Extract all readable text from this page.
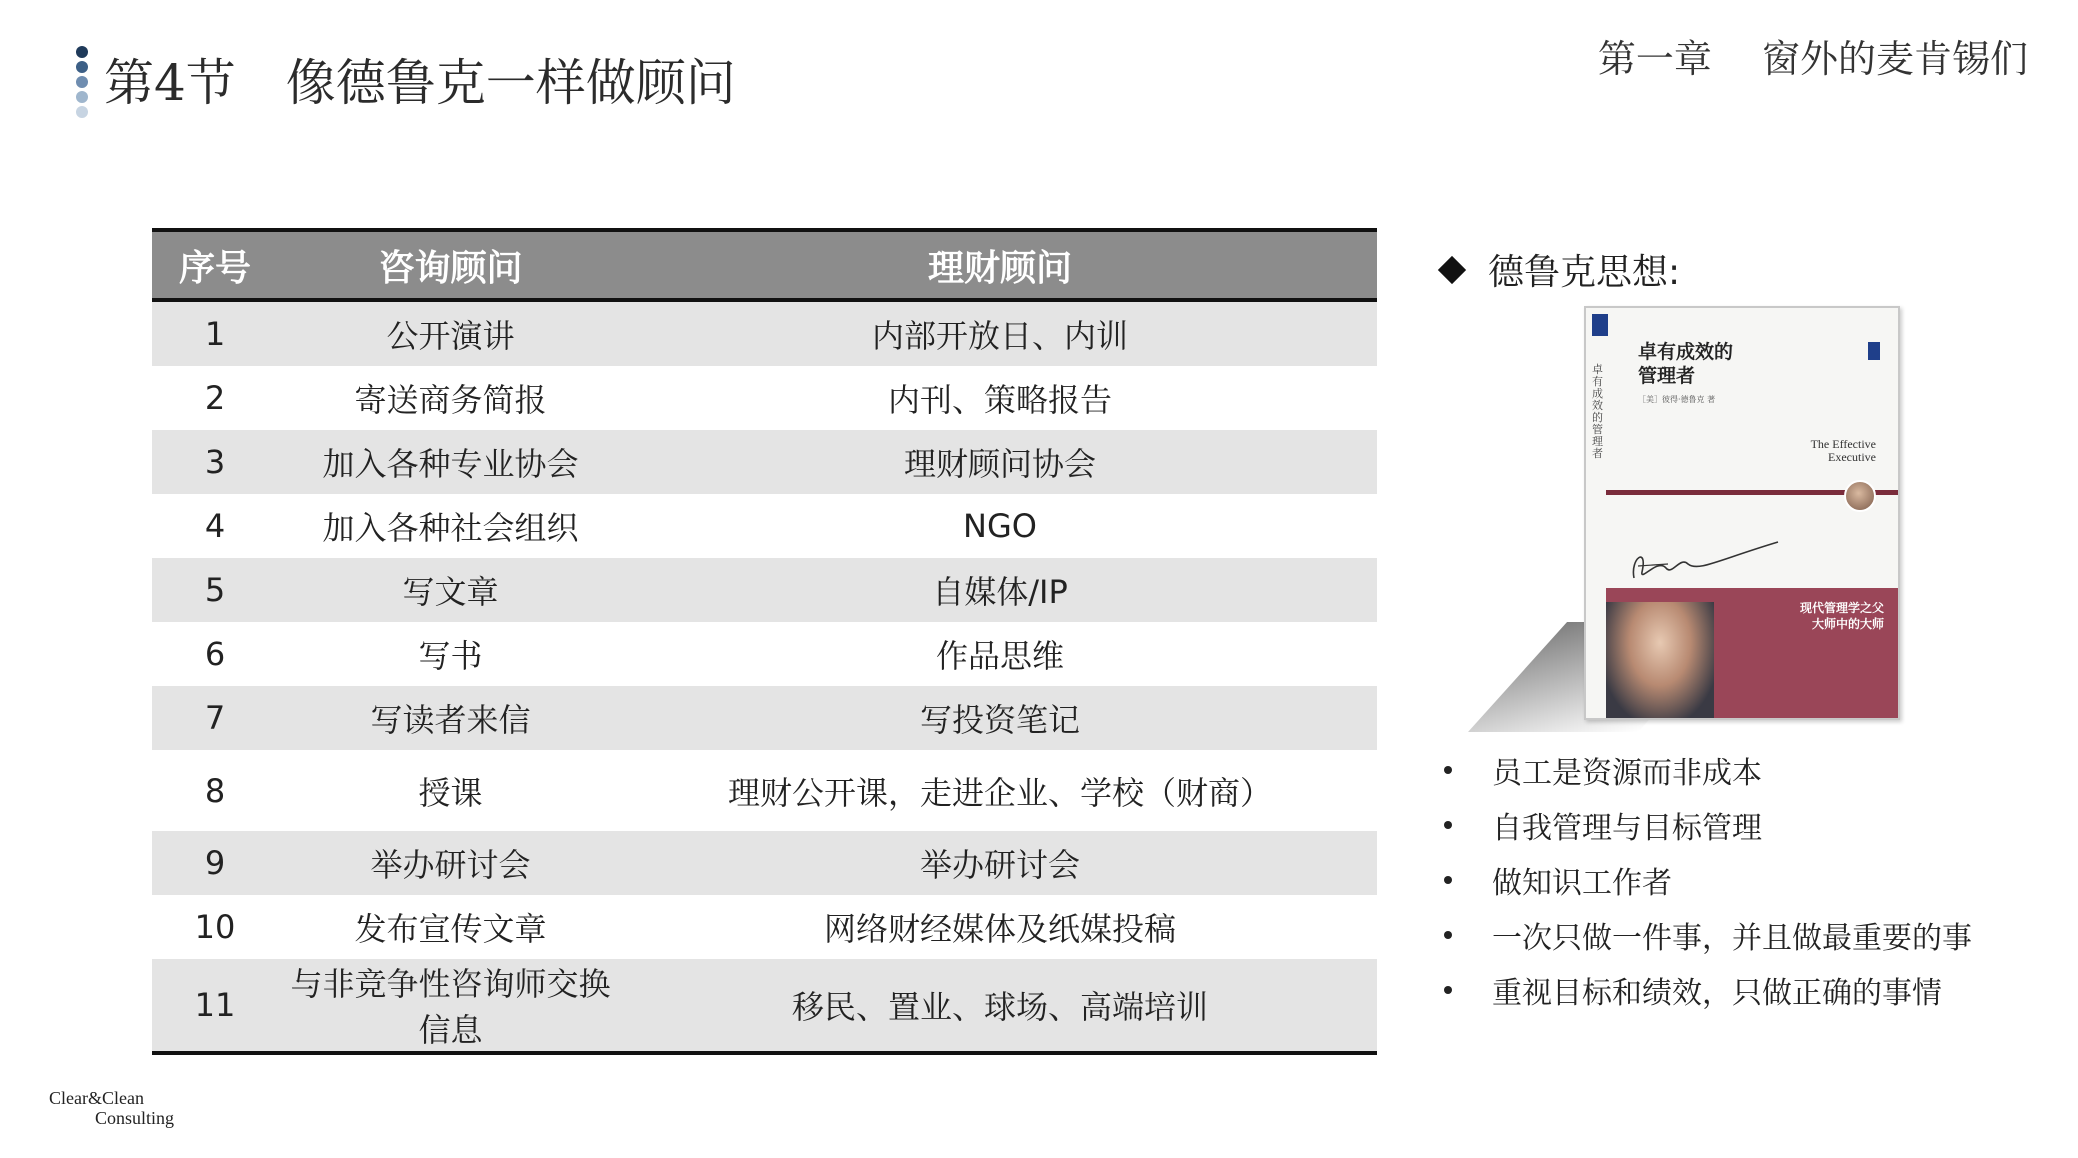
第4节　像德鲁克一样做顾问	第一章　 窗外的麦肯锡们
序号	咨询顾问	理财顾问
1	公开演讲	内部开放日、内训
2	寄送商务简报	内刊、策略报告
3	加入各种专业协会	理财顾问协会
4	加入各种社会组织	NGO
5	写文章	自媒体/IP
6	写书	作品思维
7	写读者来信	写投资笔记
8	授课	理财公开课，走进企业、学校（财商）
9	举办研讨会	举办研讨会
10	发布宣传文章	网络财经媒体及纸媒投稿
11	与非竞争性咨询师交换信息	移民、置业、球场、高端培训
德鲁克思想:
卓有成效的管理者
卓有成效的
管理者
［美］彼得·德鲁克 著
The Effective
Executive
现代管理学之父
大师中的大师
员工是资源而非成本
自我管理与目标管理
做知识工作者
一次只做一件事，并且做最重要的事
重视目标和绩效，只做正确的事情
Clear&Clean
Consulting
